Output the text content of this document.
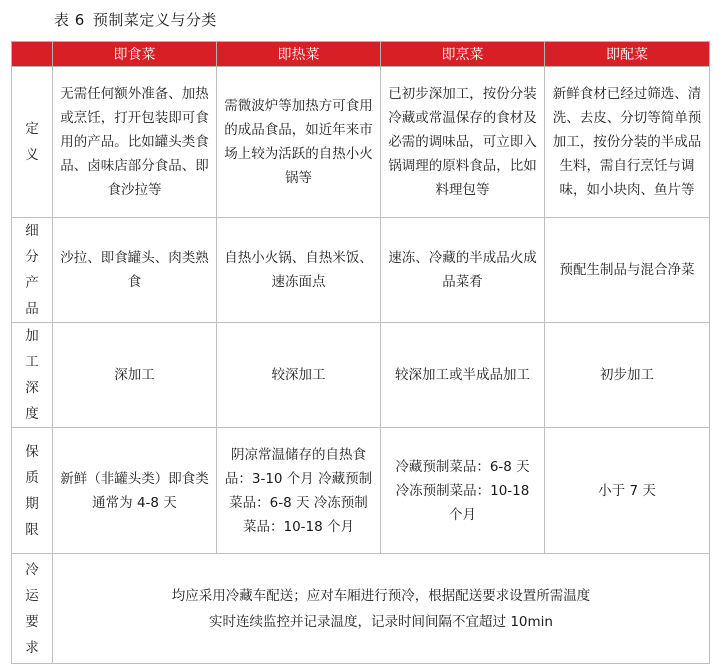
表 6 预制菜定义与分类
	即食菜	即热菜	即烹菜	即配菜

定义	无需任何额外准备、加热或烹饪，打开包装即可食用的产品。比如罐头类食品、卤味店部分食品、即食沙拉等	需微波炉等加热方可食用的成品食品，如近年来市场上较为活跃的自热小火锅等	已初步深加工，按份分装冷藏或常温保存的食材及必需的调味品，可立即入锅调理的原料食品，比如料理包等	新鲜食材已经过筛选、清洗、去皮、分切等简单预加工，按份分装的半成品生料，需自行烹饪与调味，如小块肉、鱼片等

细分产品	沙拉、即食罐头、肉类熟食	自热小火锅、自热米饭、速冻面点	速冻、冷藏的半成品火成品菜肴	预配生制品与混合净菜

加工深度	深加工	较深加工	较深加工或半成品加工	初步加工

保质期限	新鲜（非罐头类）即食类通常为 4-8 天	阴凉常温储存的自热食品：3-10 个月 冷藏预制菜品：6-8 天 冷冻预制菜品：10-18 个月	冷藏预制菜品：6-8 天 冷冻预制菜品：10-18 个月	小于 7 天

冷运要求	均应采用冷藏车配送；应对车厢进行预冷，根据配送要求设置所需温度
实时连续监控并记录温度，记录时间间隔不宜超过 10min			
